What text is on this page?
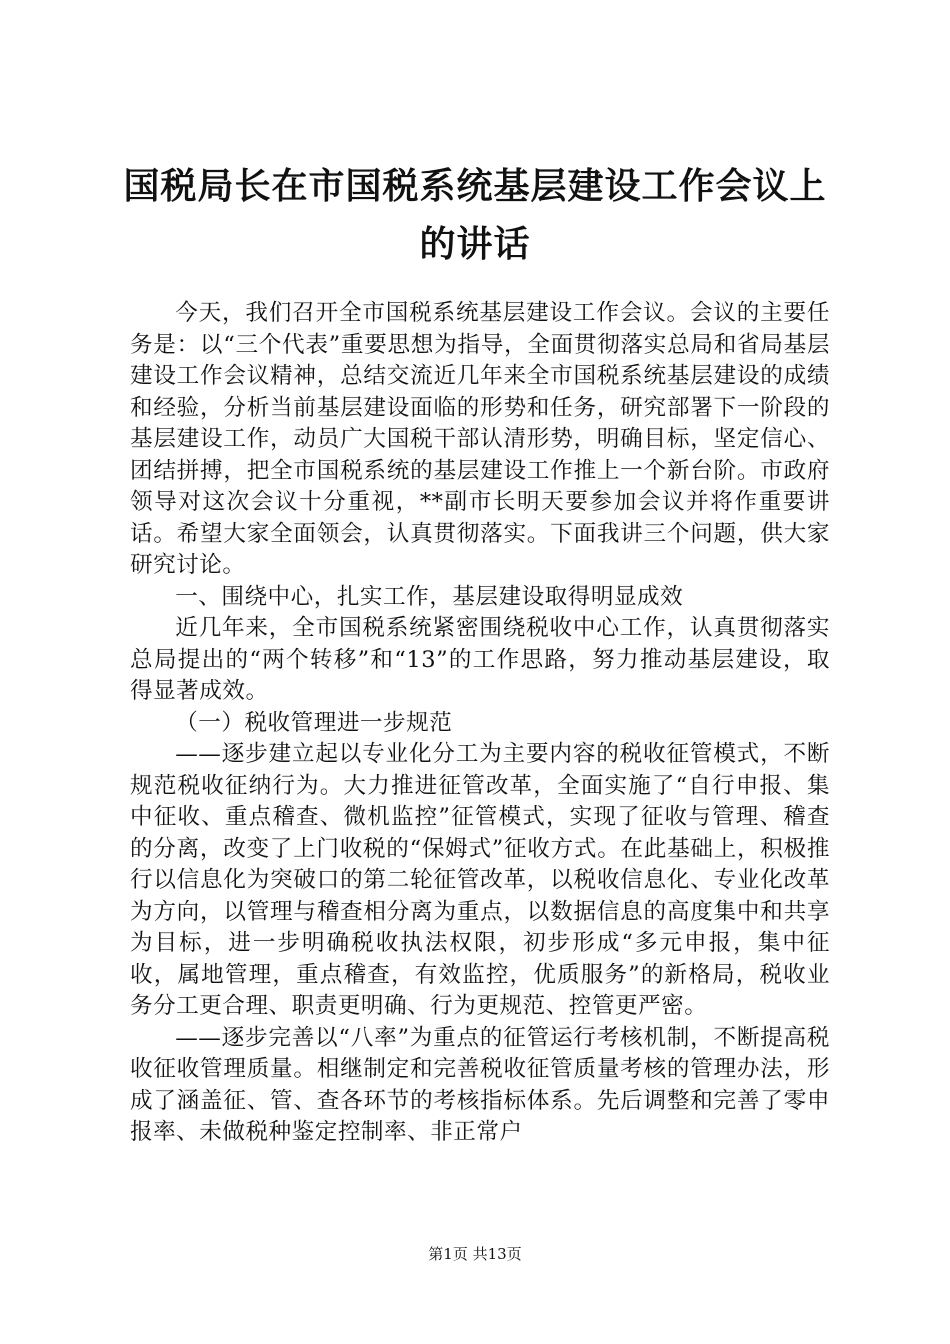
国税局长在市国税系统基层建设工作会议上的讲话

今天，我们召开全市国税系统基层建设工作会议。会议的主要任务是：以“三个代表”重要思想为指导，全面贯彻落实总局和省局基层建设工作会议精神，总结交流近几年来全市国税系统基层建设的成绩和经验，分析当前基层建设面临的形势和任务，研究部署下一阶段的基层建设工作，动员广大国税干部认清形势，明确目标，坚定信心、团结拼搏，把全市国税系统的基层建设工作推上一个新台阶。市政府领导对这次会议十分重视，**副市长明天要参加会议并将作重要讲话。希望大家全面领会，认真贯彻落实。下面我讲三个问题，供大家研究讨论。

一、围绕中心，扎实工作，基层建设取得明显成效

近几年来，全市国税系统紧密围绕税收中心工作，认真贯彻落实总局提出的“两个转移”和“13”的工作思路，努力推动基层建设，取得显著成效。

（一）税收管理进一步规范

——逐步建立起以专业化分工为主要内容的税收征管模式，不断规范税收征纳行为。大力推进征管改革，全面实施了“自行申报、集中征收、重点稽查、微机监控”征管模式，实现了征收与管理、稽查的分离，改变了上门收税的“保姆式”征收方式。在此基础上，积极推行以信息化为突破口的第二轮征管改革，以税收信息化、专业化改革为方向，以管理与稽查相分离为重点，以数据信息的高度集中和共享为目标，进一步明确税收执法权限，初步形成“多元申报，集中征收，属地管理，重点稽查，有效监控，优质服务”的新格局，税收业务分工更合理、职责更明确、行为更规范、控管更严密。

——逐步完善以“八率”为重点的征管运行考核机制，不断提高税收征收管理质量。相继制定和完善税收征管质量考核的管理办法，形成了涵盖征、管、查各环节的考核指标体系。先后调整和完善了零申报率、未做税种鉴定控制率、非正常户

第1页 共13页
